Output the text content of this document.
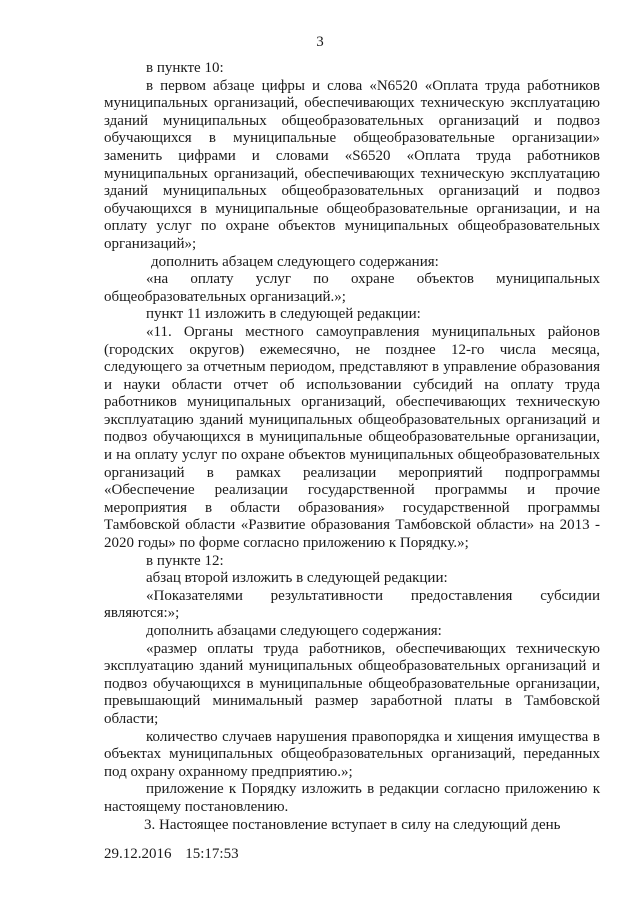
3

в пункте 10:

в первом абзаце цифры и слова «N6520 «Оплата труда работников муниципальных организаций, обеспечивающих техническую эксплуатацию зданий муниципальных общеобразовательных организаций и подвоз обучающихся в муниципальные общеобразовательные организации» заменить цифрами и словами «S6520 «Оплата труда работников муниципальных организаций, обеспечивающих техническую эксплуатацию зданий муниципальных общеобразовательных организаций и подвоз обучающихся в муниципальные общеобразовательные организации, и на оплату услуг по охране объектов муниципальных общеобразовательных организаций»;

дополнить абзацем следующего содержания:

«на оплату услуг по охране объектов муниципальных общеобразовательных организаций.»;

пункт 11 изложить в следующей редакции:

«11. Органы местного самоуправления муниципальных районов (городских округов) ежемесячно, не позднее 12-го числа месяца, следующего за отчетным периодом, представляют в управление образования и науки области отчет об использовании субсидий на оплату труда работников муниципальных организаций, обеспечивающих техническую эксплуатацию зданий муниципальных общеобразовательных организаций и подвоз обучающихся в муниципальные общеобразовательные организации, и на оплату услуг по охране объектов муниципальных общеобразовательных организаций в рамках реализации мероприятий подпрограммы «Обеспечение реализации государственной программы и прочие мероприятия в области образования» государственной программы Тамбовской области «Развитие образования Тамбовской области» на 2013 - 2020 годы» по форме согласно приложению к Порядку.»;

в пункте 12:

абзац второй изложить в следующей редакции:

«Показателями результативности предоставления субсидии являются:»;

дополнить абзацами следующего содержания:

«размер оплаты труда работников, обеспечивающих техническую эксплуатацию зданий муниципальных общеобразовательных организаций и подвоз обучающихся в муниципальные общеобразовательные организации, превышающий минимальный размер заработной платы в Тамбовской области;

количество случаев нарушения правопорядка и хищения имущества в объектах муниципальных общеобразовательных организаций, переданных под охрану охранному предприятию.»;

приложение к Порядку изложить в редакции согласно приложению к настоящему постановлению.

3. Настоящее постановление вступает в силу на следующий день

29.12.2016 15:17:53
